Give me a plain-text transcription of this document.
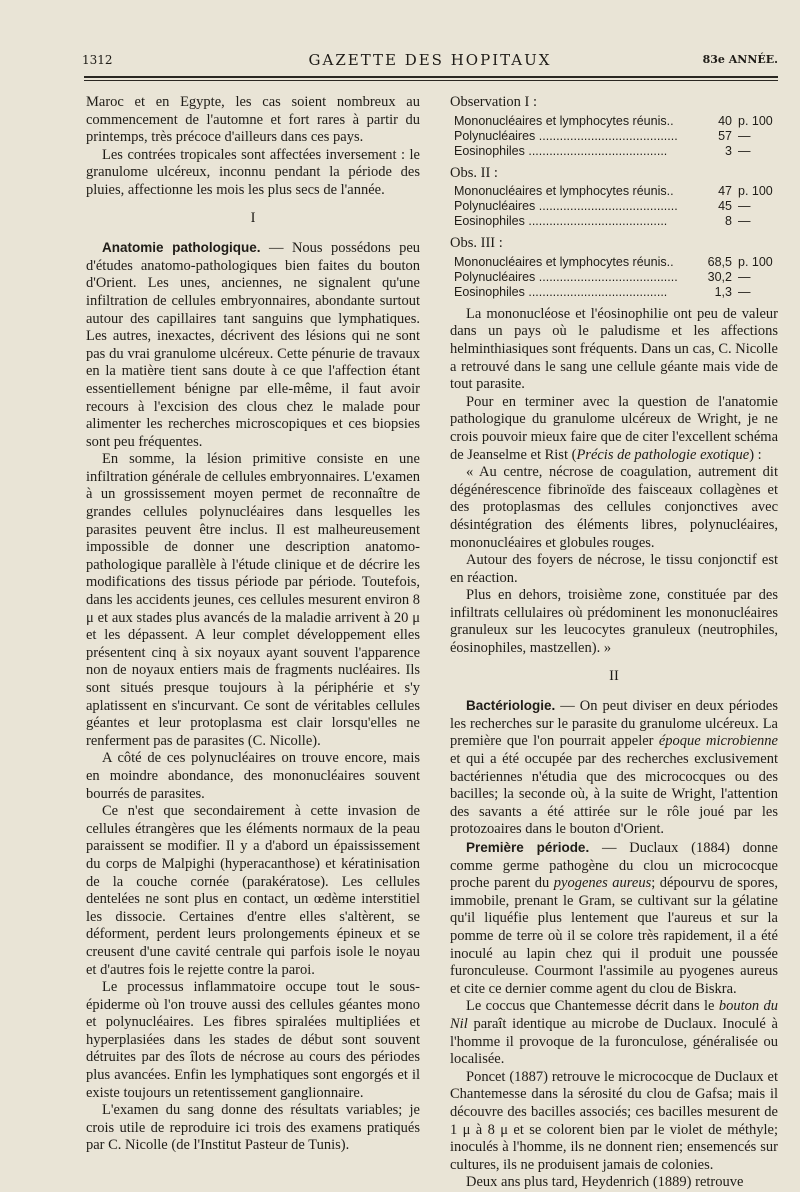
1312	GAZETTE DES HOPITAUX	83e ANNÉE.

Maroc et en Egypte, les cas soient nombreux au commencement de l'automne et fort rares à partir du printemps, très précoce d'ailleurs dans ces pays.

Les contrées tropicales sont affectées inversement : le granulome ulcéreux, inconnu pendant la période des pluies, affectionne les mois les plus secs de l'année.

I

Anatomie pathologique. — Nous possédons peu d'études anatomo-pathologiques bien faites du bouton d'Orient. Les unes, anciennes, ne signalent qu'une infiltration de cellules embryonnaires, abondante surtout autour des capillaires tant sanguins que lymphatiques. Les autres, inexactes, décrivent des lésions qui ne sont pas du vrai granulome ulcéreux. Cette pénurie de travaux en la matière tient sans doute à ce que l'affection étant essentiellement bénigne par elle-même, il faut avoir recours à l'excision des clous chez le malade pour alimenter les recherches microscopiques et ces biopsies sont peu fréquentes.

En somme, la lésion primitive consiste en une infiltration générale de cellules embryonnaires. L'examen à un grossissement moyen permet de reconnaître de grandes cellules polynucléaires dans lesquelles les parasites peuvent être inclus. Il est malheureusement impossible de donner une description anatomo-pathologique parallèle à l'étude clinique et de décrire les modifications des tissus période par période. Toutefois, dans les accidents jeunes, ces cellules mesurent environ 8 μ et aux stades plus avancés de la maladie arrivent à 20 μ et les dépassent. A leur complet développement elles présentent cinq à six noyaux ayant souvent l'apparence non de noyaux entiers mais de fragments nucléaires. Ils sont situés presque toujours à la périphérie et s'y aplatissent en s'incurvant. Ce sont de véritables cellules géantes et leur protoplasma est clair lorsqu'elles ne renferment pas de parasites (C. Nicolle).

A côté de ces polynucléaires on trouve encore, mais en moindre abondance, des mononucléaires souvent bourrés de parasites.

Ce n'est que secondairement à cette invasion de cellules étrangères que les éléments normaux de la peau paraissent se modifier. Il y a d'abord un épaississement du corps de Malpighi (hyperacanthose) et kératinisation de la couche cornée (parakératose). Les cellules dentelées ne sont plus en contact, un œdème interstitiel les dissocie. Certaines d'entre elles s'altèrent, se déforment, perdent leurs prolongements épineux et se creusent d'une cavité centrale qui parfois isole le noyau et d'autres fois le rejette contre la paroi.

Le processus inflammatoire occupe tout le sous-épiderme où l'on trouve aussi des cellules géantes mono et polynucléaires. Les fibres spiralées multipliées et hyperplasiées dans les stades de début sont souvent détruites par des îlots de nécrose au cours des périodes plus avancées. Enfin les lymphatiques sont engorgés et il existe toujours un retentissement ganglionnaire.

L'examen du sang donne des résultats variables; je crois utile de reproduire ici trois des examens pratiqués par C. Nicolle (de l'Institut Pasteur de Tunis).

Observation I :

Mononucléaires et lymphocytes réunis..	40	p. 100

Polynucléaires .....	57	—

Eosinophiles .....	3	—

Obs. II :

Mononucléaires et lymphocytes réunis..	47	p. 100

Polynucléaires .....	45	—

Eosinophiles .....	8	—

Obs. III :

Mononucléaires et lymphocytes réunis..	68,5	p. 100

Polynucléaires .....	30,2	—

Eosinophiles .....	1,3	—

La mononucléose et l'éosinophilie ont peu de valeur dans un pays où le paludisme et les affections helminthiasiques sont fréquents. Dans un cas, C. Nicolle a retrouvé dans le sang une cellule géante mais vide de tout parasite.

Pour en terminer avec la question de l'anatomie pathologique du granulome ulcéreux de Wright, je ne crois pouvoir mieux faire que de citer l'excellent schéma de Jeanselme et Rist (Précis de pathologie exotique) :

« Au centre, nécrose de coagulation, autrement dit dégénérescence fibrinoïde des faisceaux collagènes et des protoplasmas des cellules conjonctives avec désintégration des éléments libres, polynucléaires, mononucléaires et globules rouges.

Autour des foyers de nécrose, le tissu conjonctif est en réaction.

Plus en dehors, troisième zone, constituée par des infiltrats cellulaires où prédominent les mononucléaires granuleux sur les leucocytes granuleux (neutrophiles, éosinophiles, mastzellen). »

II

Bactériologie. — On peut diviser en deux périodes les recherches sur le parasite du granulome ulcéreux. La première que l'on pourrait appeler époque microbienne et qui a été occupée par des recherches exclusivement bactériennes n'étudia que des micrococques ou des bacilles; la seconde où, à la suite de Wright, l'attention des savants a été attirée sur le rôle joué par les protozoaires dans le bouton d'Orient.

Première période. — Duclaux (1884) donne comme germe pathogène du clou un micrococque proche parent du pyogenes aureus; dépourvu de spores, immobile, prenant le Gram, se cultivant sur la gélatine qu'il liquéfie plus lentement que l'aureus et sur la pomme de terre où il se colore très rapidement, il a été inoculé au lapin chez qui il produit une poussée furonculeuse. Courmont l'assimile au pyogenes aureus et cite ce dernier comme agent du clou de Biskra.

Le coccus que Chantemesse décrit dans le bouton du Nil paraît identique au microbe de Duclaux. Inoculé à l'homme il provoque de la furonculose, généralisée ou localisée.

Poncet (1887) retrouve le micrococque de Duclaux et Chantemesse dans la sérosité du clou de Gafsa; mais il découvre des bacilles associés; ces bacilles mesurent de 1 μ à 8 μ et se colorent bien par le violet de méthyle; inoculés à l'homme, ils ne donnent rien; ensemencés sur cultures, ils ne produisent jamais de colonies.

Deux ans plus tard, Heydenrich (1889) retrouve
